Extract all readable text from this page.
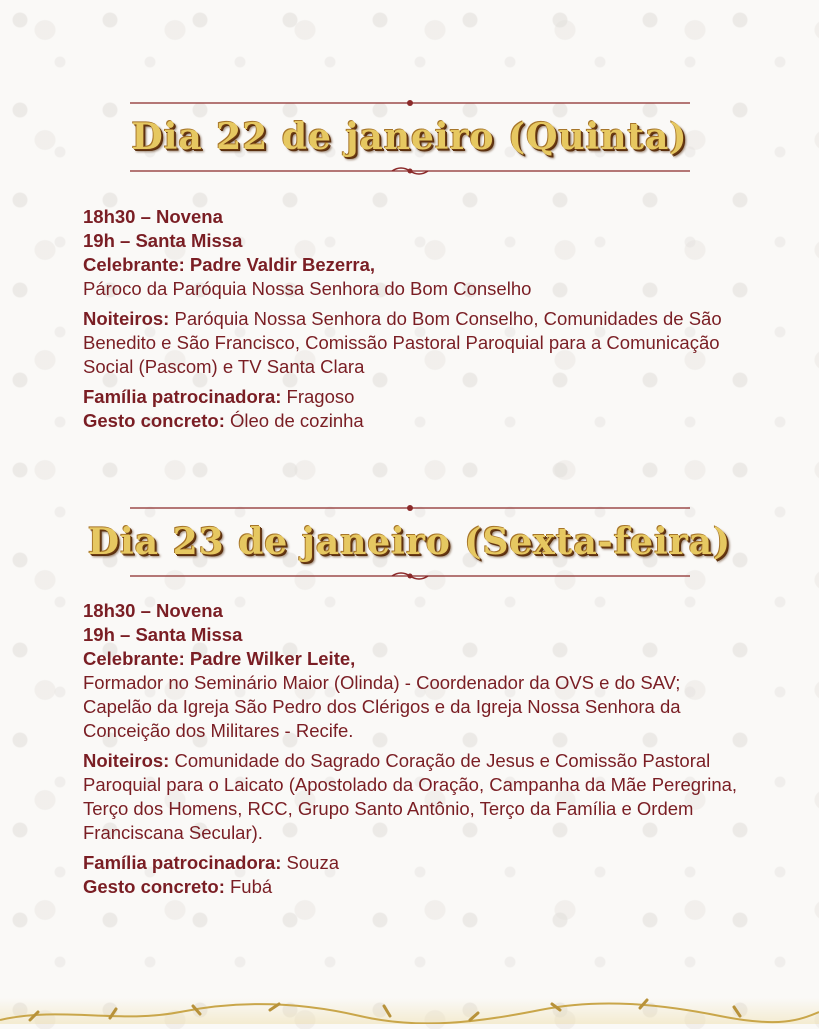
Dia 22 de janeiro (Quinta)

18h30 – Novena

19h – Santa Missa

Celebrante: Padre Valdir Bezerra,

Pároco da Paróquia Nossa Senhora do Bom Conselho

Noiteiros: Paróquia Nossa Senhora do Bom Conselho, Comunidades de São Benedito e São Francisco, Comissão Pastoral Paroquial para a Comunicação Social (Pascom) e TV Santa Clara

Família patrocinadora: Fragoso

Gesto concreto: Óleo de cozinha

Dia 23 de janeiro (Sexta-feira)

18h30 – Novena

19h – Santa Missa

Celebrante: Padre Wilker Leite,

Formador no Seminário Maior (Olinda) - Coordenador da OVS e do SAV; Capelão da Igreja São Pedro dos Clérigos e da Igreja Nossa Senhora da Conceição dos Militares - Recife.

Noiteiros: Comunidade do Sagrado Coração de Jesus e Comissão Pastoral Paroquial para o Laicato (Apostolado da Oração, Campanha da Mãe Peregrina, Terço dos Homens, RCC, Grupo Santo Antônio, Terço da Família e Ordem Franciscana Secular).

Família patrocinadora: Souza

Gesto concreto: Fubá
